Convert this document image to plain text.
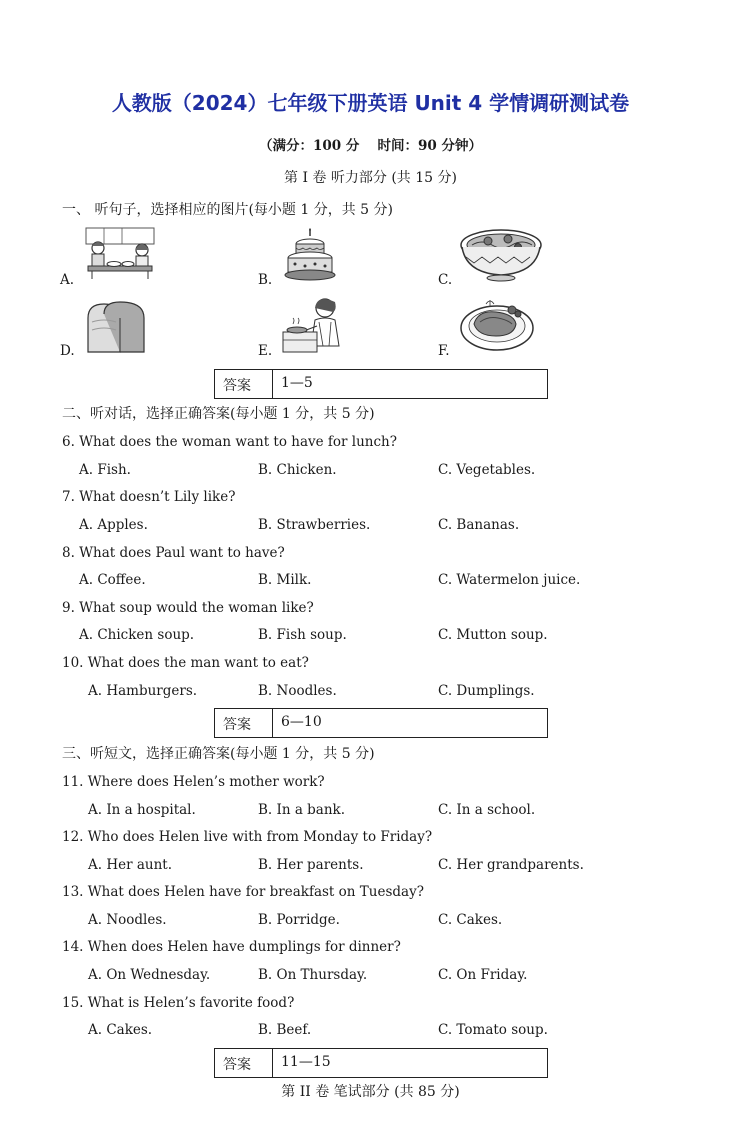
人教版（2024）七年级下册英语 Unit 4 学情调研测试卷
（满分：100 分　 时间：90 分钟）
第 I 卷 听力部分 (共 15 分)
一、 听句子，选择相应的图片(每小题 1 分，共 5 分)
A.	B.	C.
D.	E.	F.
答案	1—5
二、听对话，选择正确答案(每小题 1 分，共 5 分)
6. What does the woman want to have for lunch?
A. Fish.	B. Chicken.	C. Vegetables.
7. What doesn’t Lily like?
A. Apples.	B. Strawberries.	C. Bananas.
8. What does Paul want to have?
A. Coffee.	B. Milk.	C. Watermelon juice.
9. What soup would the woman like?
A. Chicken soup.	B. Fish soup.	C. Mutton soup.
10. What does the man want to eat?
A. Hamburgers.	B. Noodles.	C. Dumplings.
答案	6—10
三、听短文，选择正确答案(每小题 1 分，共 5 分)
11. Where does Helen’s mother work?
A. In a hospital.	B. In a bank.	C. In a school.
12. Who does Helen live with from Monday to Friday?
A. Her aunt.	B. Her parents.	C. Her grandparents.
13. What does Helen have for breakfast on Tuesday?
A. Noodles.	B. Porridge.	C. Cakes.
14. When does Helen have dumplings for dinner?
A. On Wednesday.	B. On Thursday.	C. On Friday.
15. What is Helen’s favorite food?
A. Cakes.	B. Beef.	C. Tomato soup.
答案	11—15
第 II 卷 笔试部分 (共 85 分)
